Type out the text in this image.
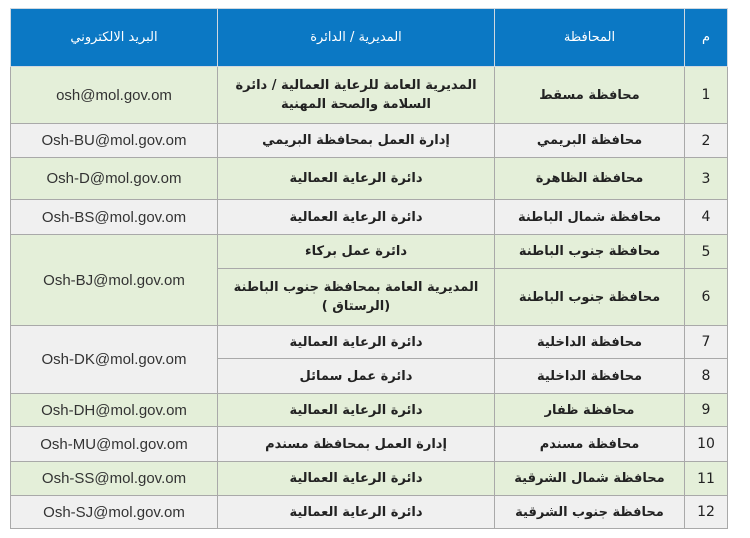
م	المحافظة	المديرية / الدائرة	البريد الالكتروني
1	محافظة مسقط	المديرية العامة للرعاية العمالية / دائرة السلامة والصحة المهنية	osh@mol.gov.om
2	محافظة البريمي	إدارة العمل بمحافظة البريمي	Osh-BU@mol.gov.om
3	محافظة الظاهرة	دائرة الرعاية العمالية	Osh-D@mol.gov.om
4	محافظة شمال الباطنة	دائرة الرعاية العمالية	Osh-BS@mol.gov.om
5	محافظة جنوب الباطنة	دائرة عمل بركاء	Osh-BJ@mol.gov.om
6	محافظة جنوب الباطنة	المديرية العامة بمحافظة جنوب الباطنة (الرستاق )	
7	محافظة الداخلية	دائرة الرعاية العمالية	Osh-DK@mol.gov.om
8	محافظة الداخلية	دائرة عمل سمائل	
9	محافظة ظفار	دائرة الرعاية العمالية	Osh-DH@mol.gov.om
10	محافظة مسندم	إدارة العمل بمحافظة مسندم	Osh-MU@mol.gov.om
11	محافظة شمال الشرقية	دائرة الرعاية العمالية	Osh-SS@mol.gov.om
12	محافظة جنوب الشرقية	دائرة الرعاية العمالية	Osh-SJ@mol.gov.om
